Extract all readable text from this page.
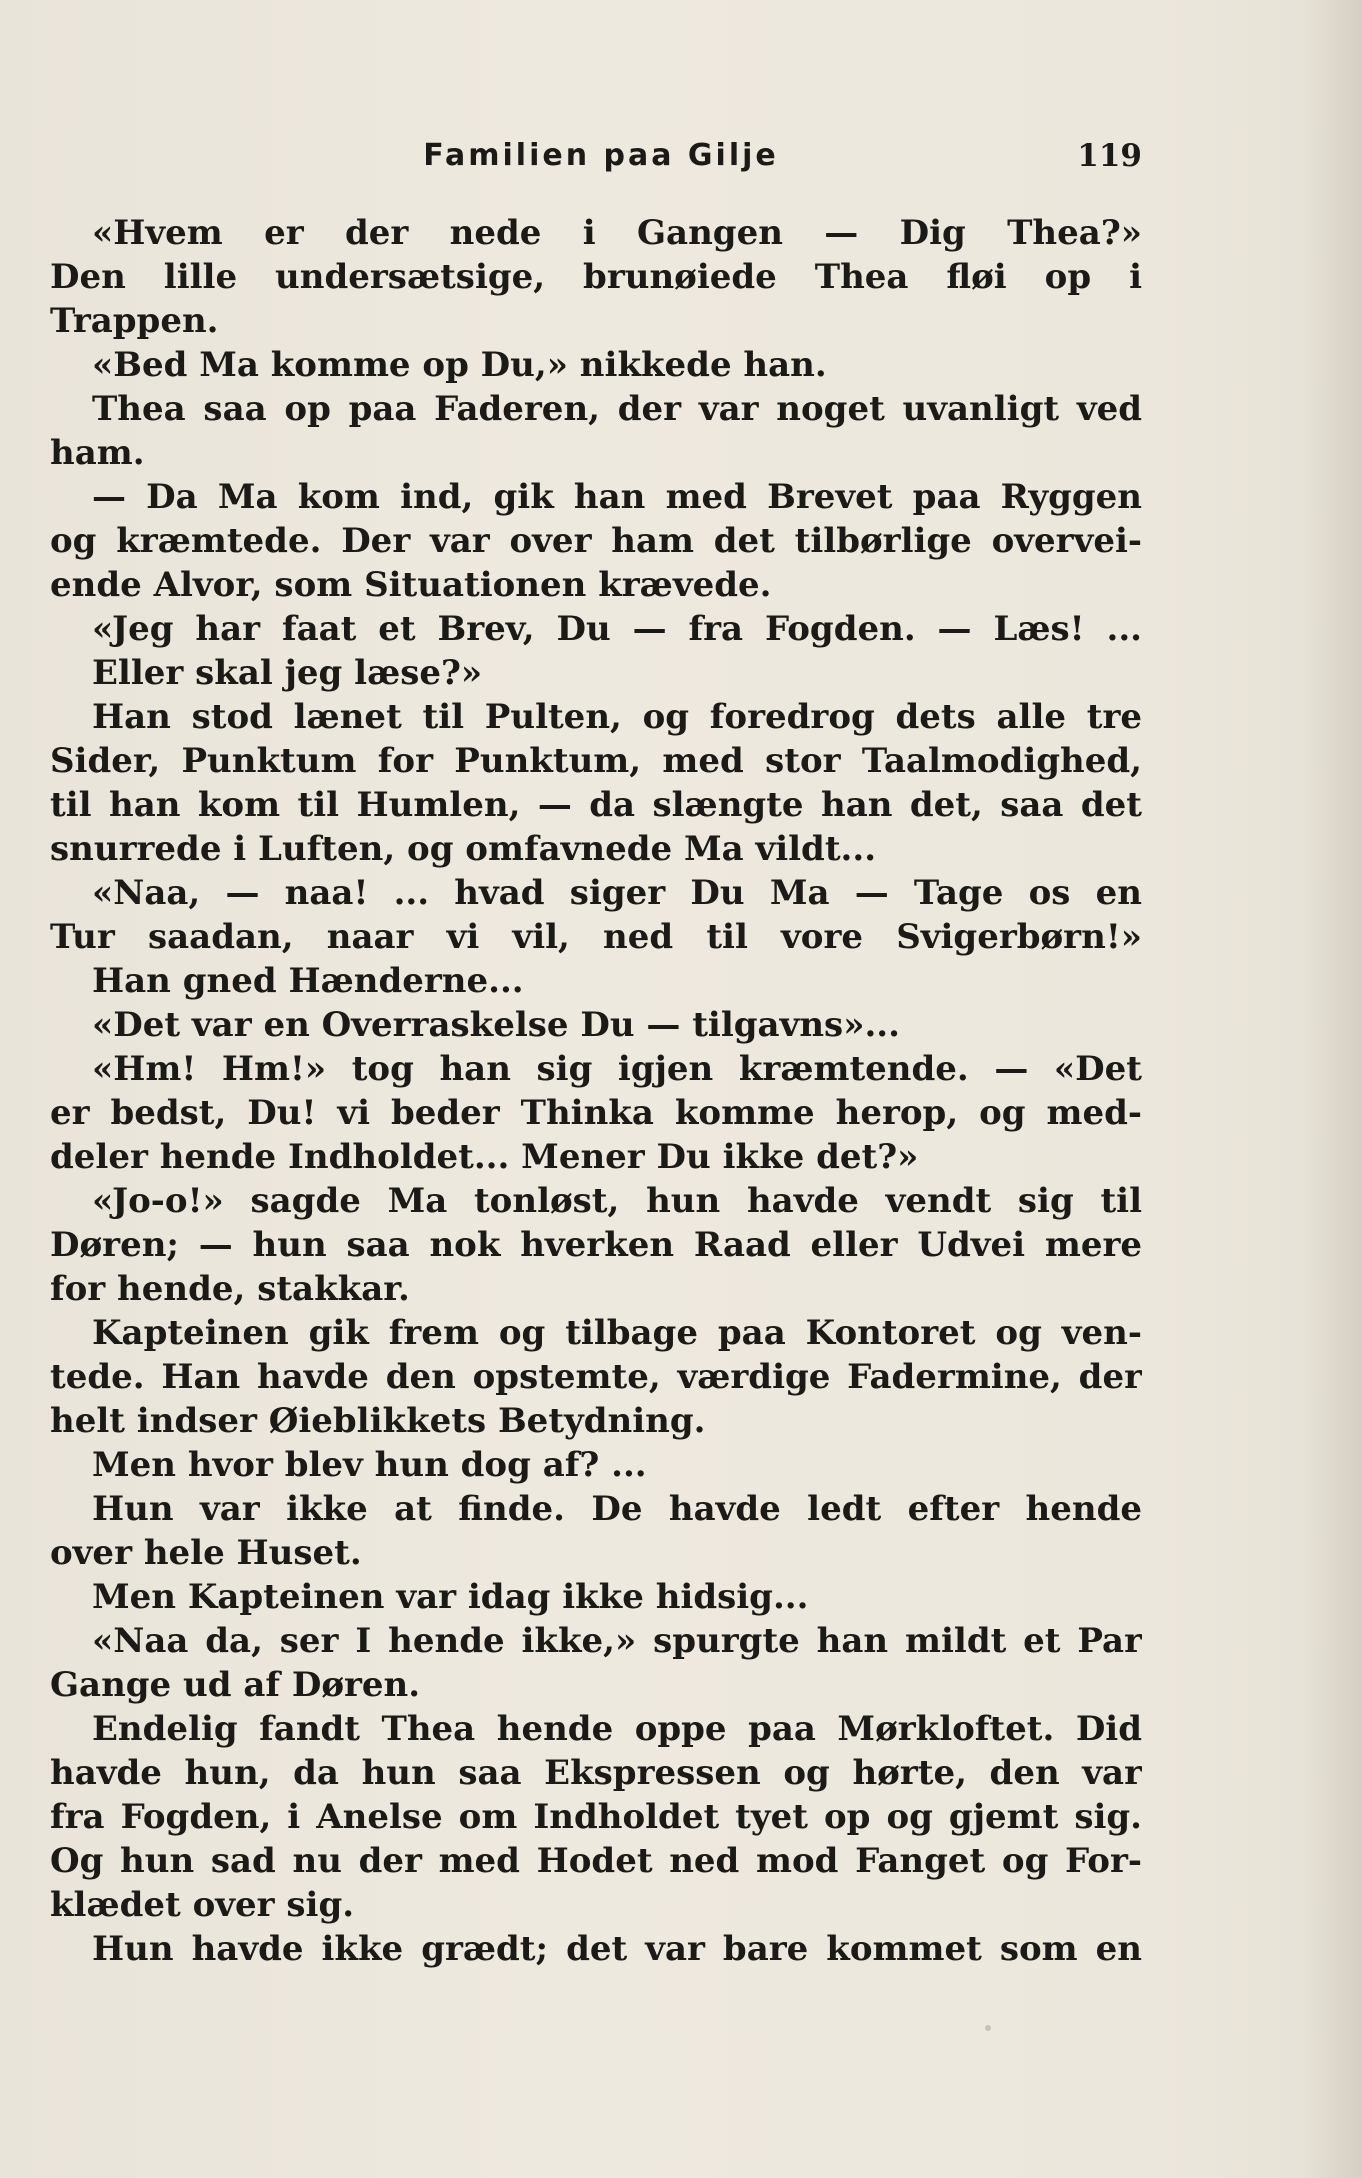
Familien paa Gilje	119
«Hvem er der nede i Gangen — Dig Thea?»
Den lille undersætsige, brunøiede Thea fløi op i
Trappen.
«Bed Ma komme op Du,» nikkede han.
Thea saa op paa Faderen, der var noget uvanligt ved
ham.
— Da Ma kom ind, gik han med Brevet paa Ryggen
og kræmtede. Der var over ham det tilbørlige overvei-
ende Alvor, som Situationen krævede.
«Jeg har faat et Brev, Du — fra Fogden. — Læs! ...
Eller skal jeg læse?»
Han stod lænet til Pulten, og foredrog dets alle tre
Sider, Punktum for Punktum, med stor Taalmodighed,
til han kom til Humlen, — da slængte han det, saa det
snurrede i Luften, og omfavnede Ma vildt...
«Naa, — naa! ... hvad siger Du Ma — Tage os en
Tur saadan, naar vi vil, ned til vore Svigerbørn!»
Han gned Hænderne...
«Det var en Overraskelse Du — tilgavns»...
«Hm! Hm!» tog han sig igjen kræmtende. — «Det
er bedst, Du! vi beder Thinka komme herop, og med-
deler hende Indholdet... Mener Du ikke det?»
«Jo-o!» sagde Ma tonløst, hun havde vendt sig til
Døren; — hun saa nok hverken Raad eller Udvei mere
for hende, stakkar.
Kapteinen gik frem og tilbage paa Kontoret og ven-
tede. Han havde den opstemte, værdige Fadermine, der
helt indser Øieblikkets Betydning.
Men hvor blev hun dog af? ...
Hun var ikke at finde. De havde ledt efter hende
over hele Huset.
Men Kapteinen var idag ikke hidsig...
«Naa da, ser I hende ikke,» spurgte han mildt et Par
Gange ud af Døren.
Endelig fandt Thea hende oppe paa Mørkloftet. Did
havde hun, da hun saa Ekspressen og hørte, den var
fra Fogden, i Anelse om Indholdet tyet op og gjemt sig.
Og hun sad nu der med Hodet ned mod Fanget og For-
klædet over sig.
Hun havde ikke grædt; det var bare kommet som en
